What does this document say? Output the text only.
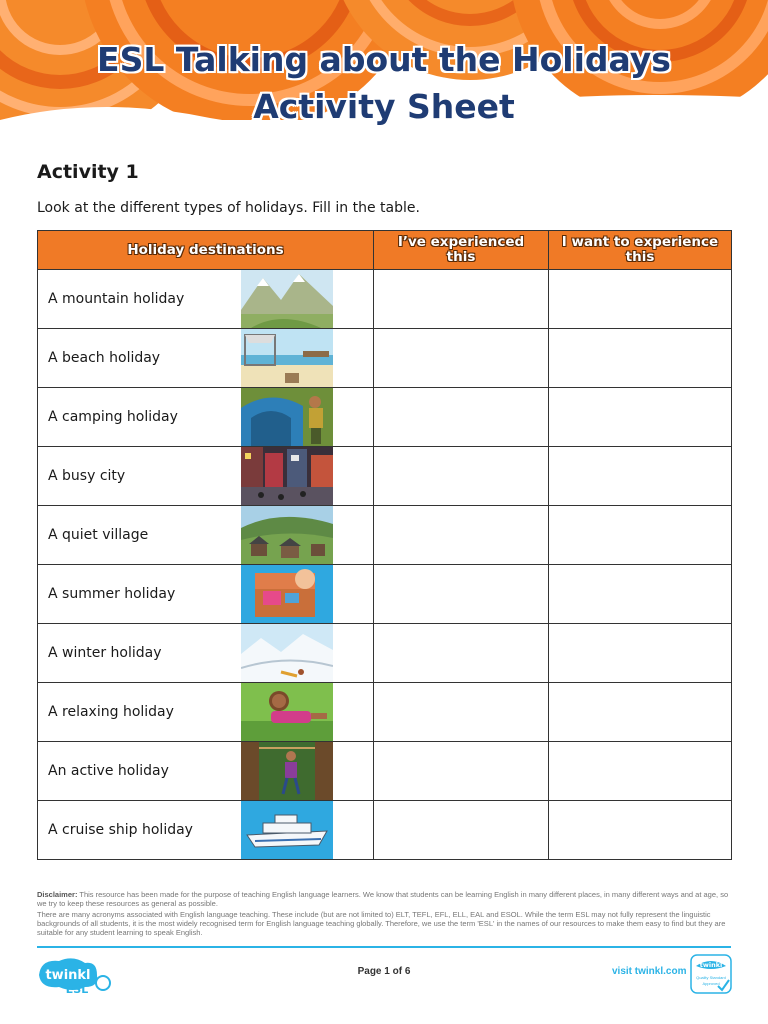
ESL Talking about the Holidays
Activity Sheet
Activity 1
Look at the different types of holidays. Fill in the table.
Holiday destinations	I’ve experienced this	I want to experience this

A mountain holiday		

A beach holiday		

A camping holiday		

A busy city		

A quiet village		

A summer holiday		

A winter holiday		

A relaxing holiday		

An active holiday		

A cruise ship holiday		

Disclaimer: This resource has been made for the purpose of teaching English language learners. We know that students can be learning English in many different places, in many different ways and at age, so we try to keep these resources as general as possible.

There are many acronyms associated with English language teaching. These include (but are not limited to) ELT, TEFL, EFL, ELL, EAL and ESOL. While the term ESL may not fully represent the linguistic backgrounds of all students, it is the most widely recognised term for English language teaching globally. Therefore, we use the term 'ESL' in the names of our resources to make them easy to find but they are suitable for any student learning to speak English.

twinkl
ESL
Page 1 of 6	visit twinkl.com
twinkl
Quality Standard
Approved
